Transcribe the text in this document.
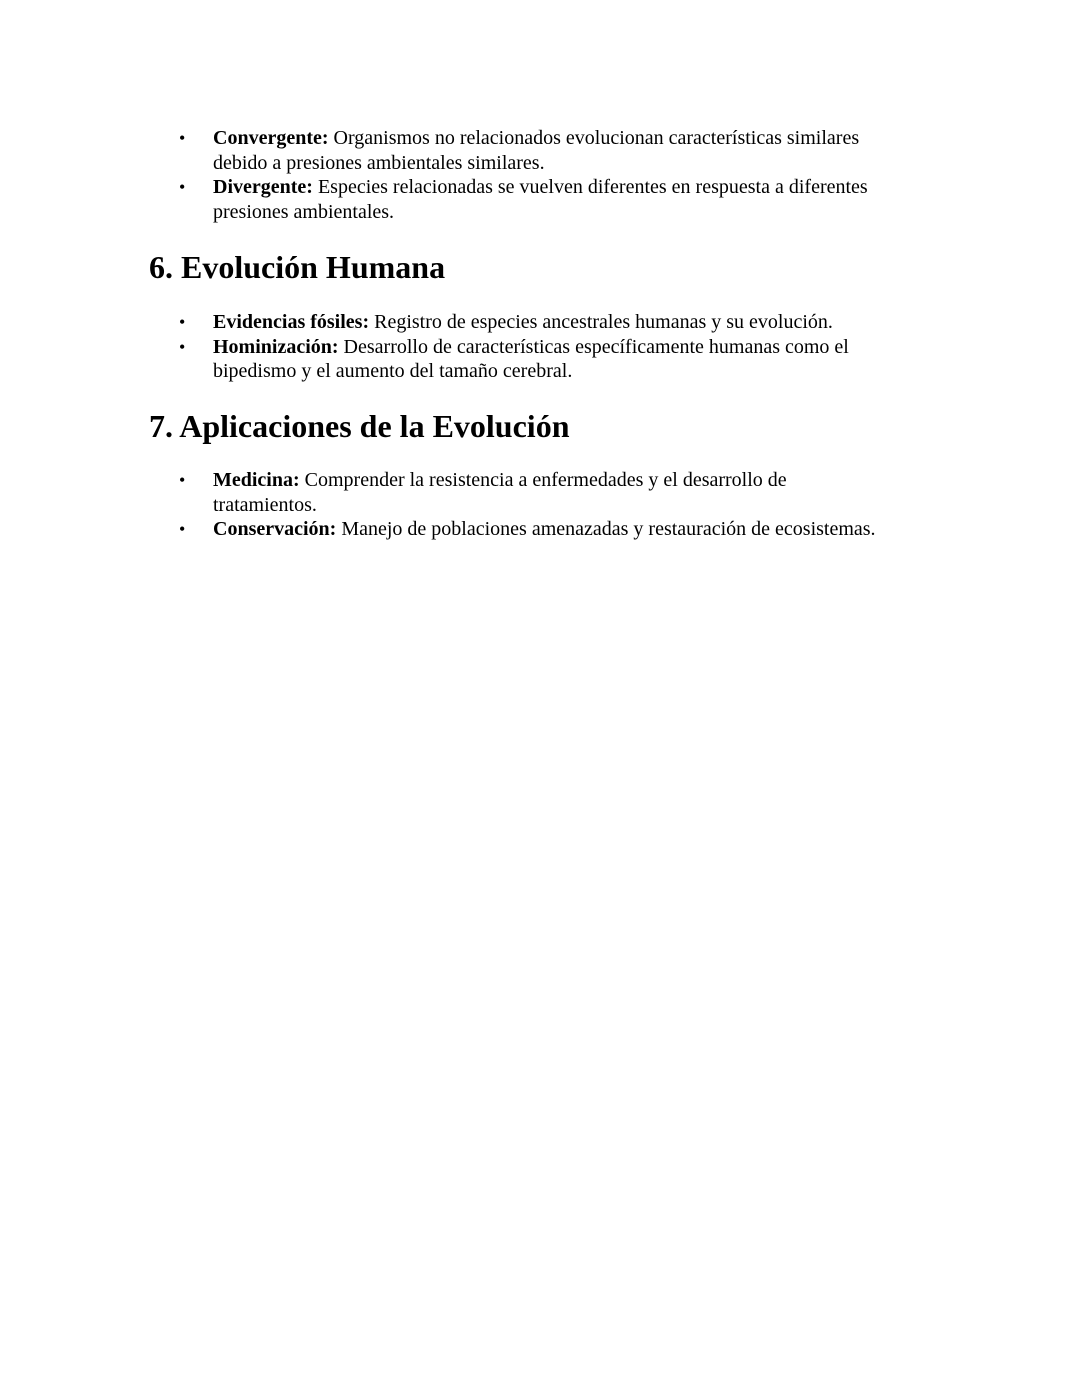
• Convergente: Organismos no relacionados evolucionan características similares debido a presiones ambientales similares.
• Divergente: Especies relacionadas se vuelven diferentes en respuesta a diferentes presiones ambientales.
6. Evolución Humana
• Evidencias fósiles: Registro de especies ancestrales humanas y su evolución.
• Hominización: Desarrollo de características específicamente humanas como el bipedismo y el aumento del tamaño cerebral.
7. Aplicaciones de la Evolución
• Medicina: Comprender la resistencia a enfermedades y el desarrollo de tratamientos.
• Conservación: Manejo de poblaciones amenazadas y restauración de ecosistemas.
